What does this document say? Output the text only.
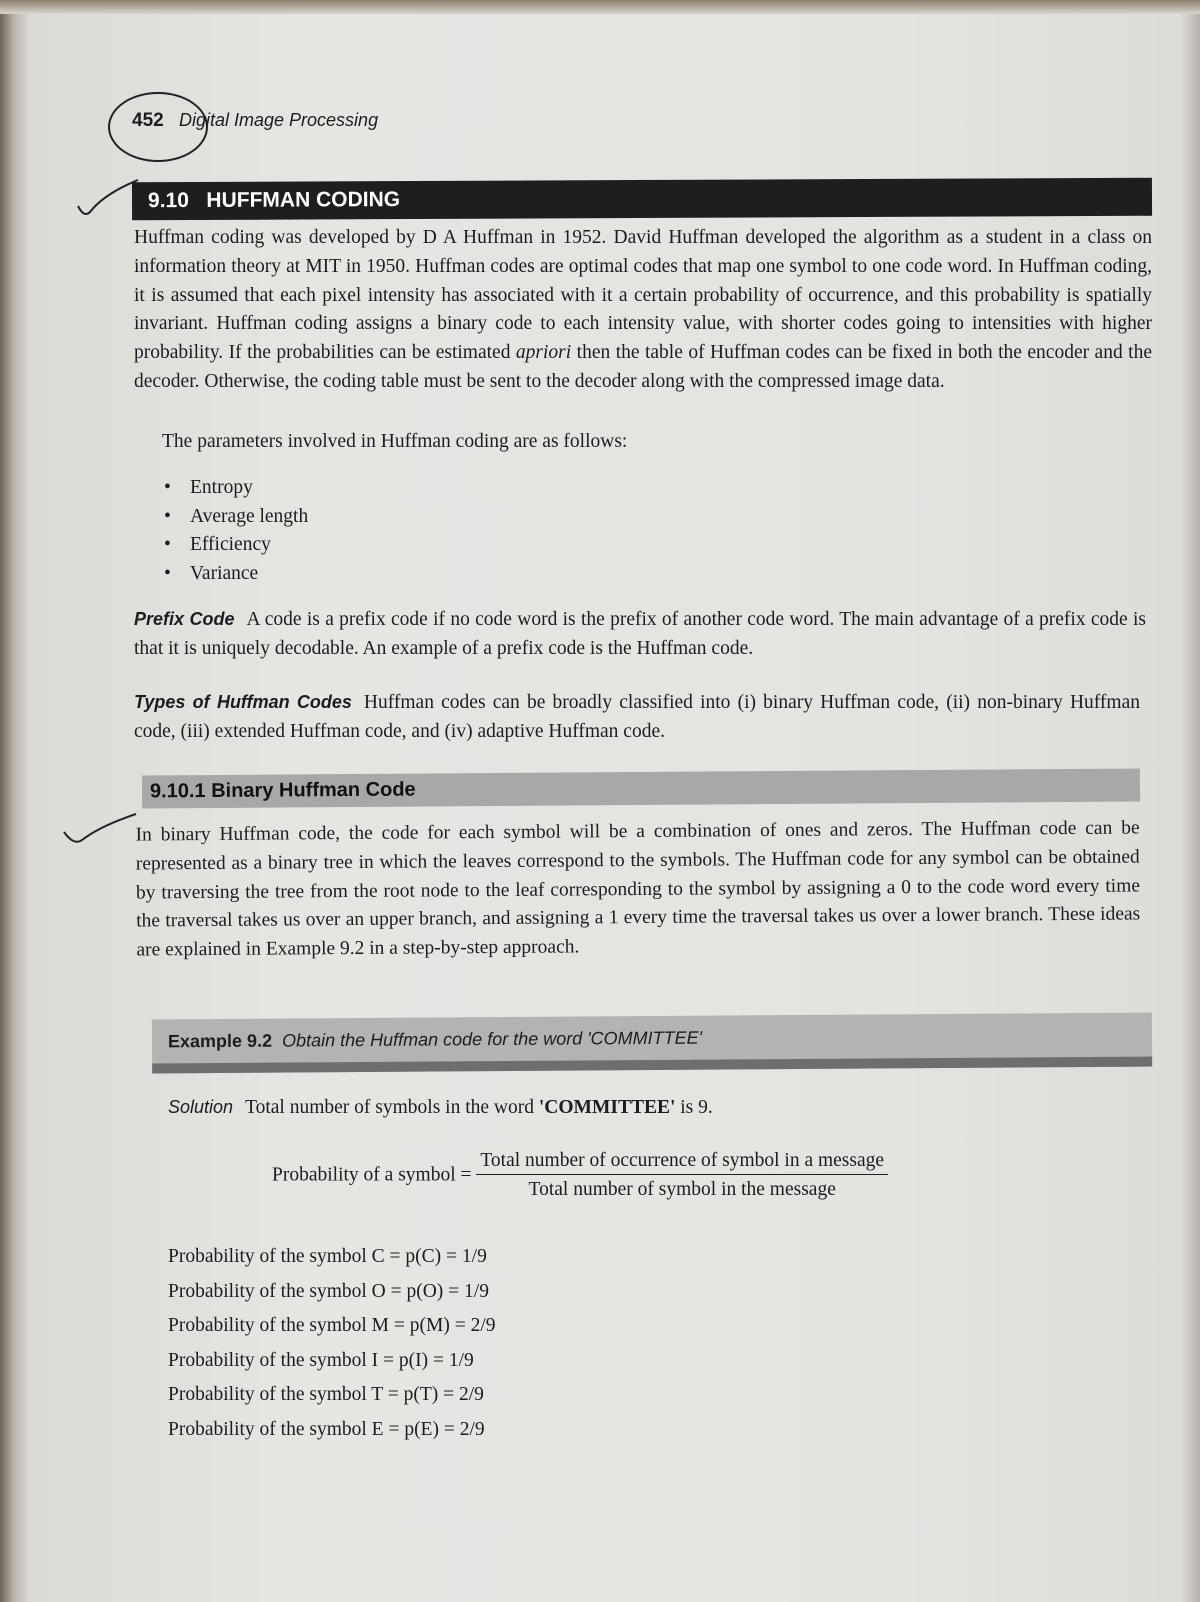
452 Digital Image Processing
9.10 HUFFMAN CODING
Huffman coding was developed by D A Huffman in 1952. David Huffman developed the algorithm as a student in a class on information theory at MIT in 1950. Huffman codes are optimal codes that map one symbol to one code word. In Huffman coding, it is assumed that each pixel intensity has associated with it a certain probability of occurrence, and this probability is spatially invariant. Huffman coding assigns a binary code to each intensity value, with shorter codes going to intensities with higher probability. If the probabilities can be estimated apriori then the table of Huffman codes can be fixed in both the encoder and the decoder. Otherwise, the coding table must be sent to the decoder along with the compressed image data.
The parameters involved in Huffman coding are as follows:
• Entropy
• Average length
• Efficiency
• Variance
Prefix Code A code is a prefix code if no code word is the prefix of another code word. The main advantage of a prefix code is that it is uniquely decodable. An example of a prefix code is the Huffman code.
Types of Huffman Codes Huffman codes can be broadly classified into (i) binary Huffman code, (ii) non-binary Huffman code, (iii) extended Huffman code, and (iv) adaptive Huffman code.
9.10.1 Binary Huffman Code
In binary Huffman code, the code for each symbol will be a combination of ones and zeros. The Huffman code can be represented as a binary tree in which the leaves correspond to the symbols. The Huffman code for any symbol can be obtained by traversing the tree from the root node to the leaf corresponding to the symbol by assigning a 0 to the code word every time the traversal takes us over an upper branch, and assigning a 1 every time the traversal takes us over a lower branch. These ideas are explained in Example 9.2 in a step-by-step approach.
Example 9.2 Obtain the Huffman code for the word 'COMMITTEE'
Solution Total number of symbols in the word 'COMMITTEE' is 9.
Probability of a symbol = $\frac{\text{Total number of occurrence of symbol in a message}}{\text{Total number of symbol in the message}}$
Probability of the symbol C = p(C) = 1/9
Probability of the symbol O = p(O) = 1/9
Probability of the symbol M = p(M) = 2/9
Probability of the symbol I = p(I) = 1/9
Probability of the symbol T = p(T) = 2/9
Probability of the symbol E = p(E) = 2/9
